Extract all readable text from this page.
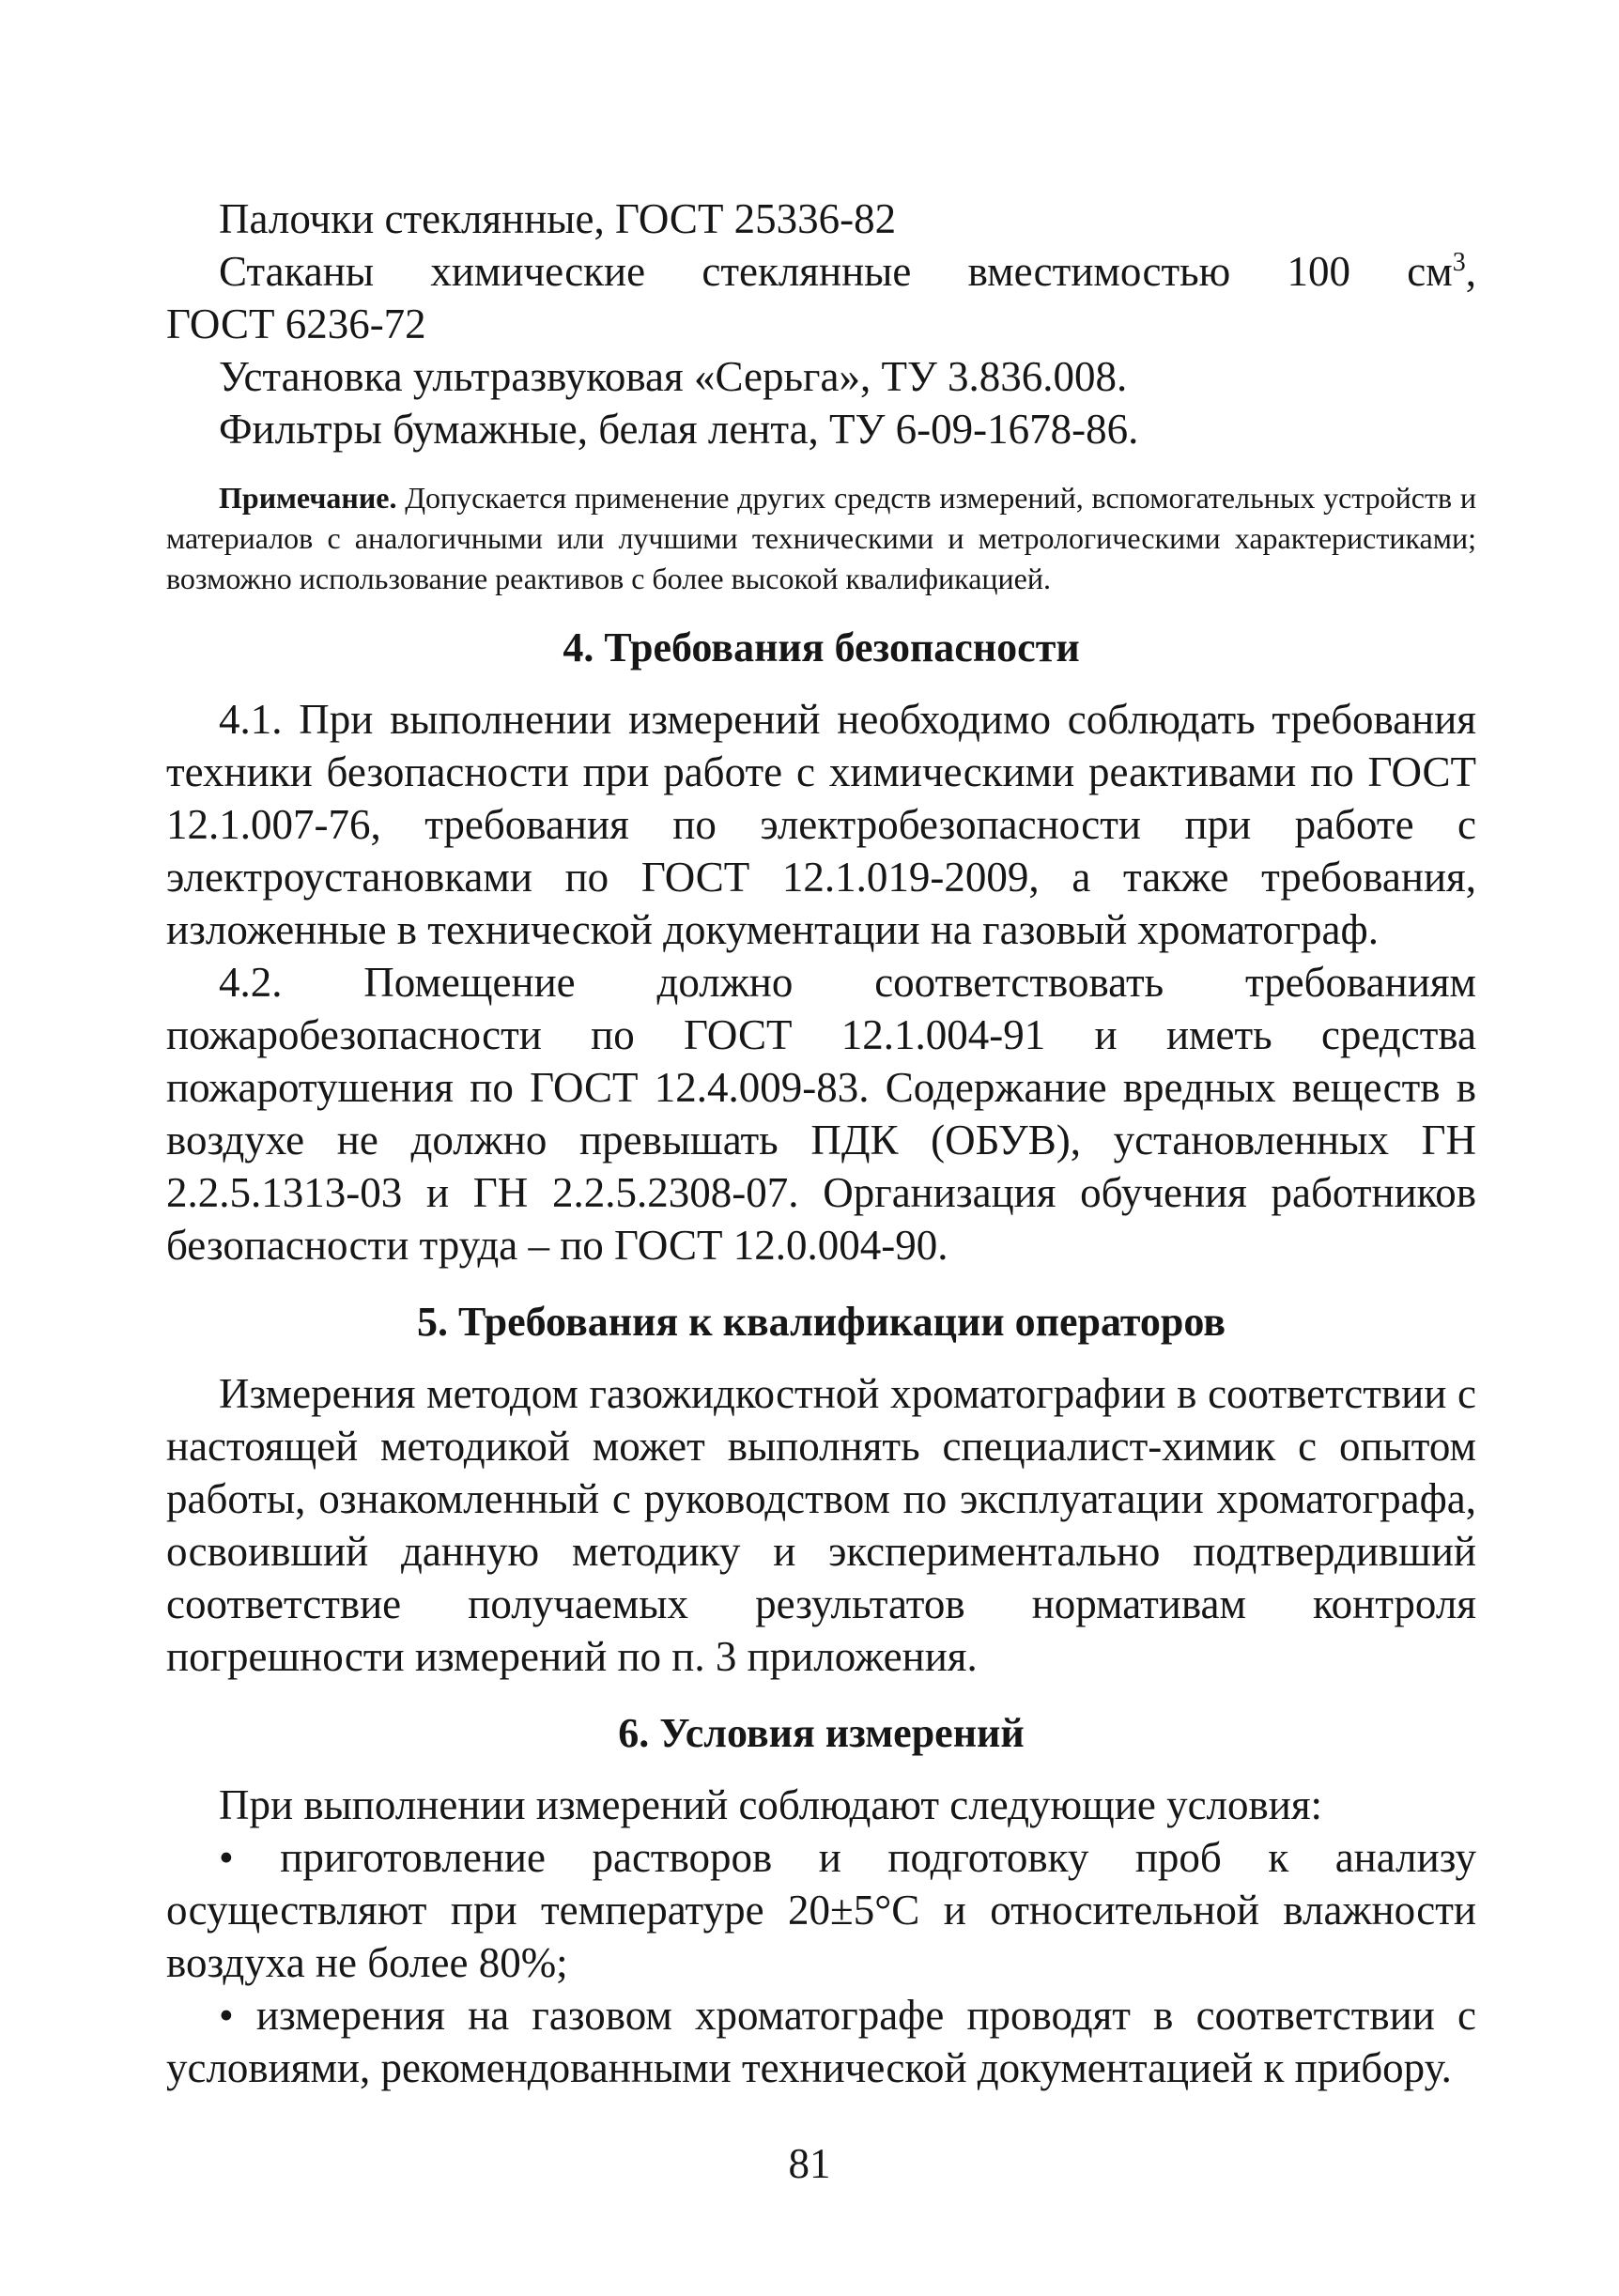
Палочки стеклянные, ГОСТ 25336-82

Стаканы химические стеклянные вместимостью 100 $см^3$,

ГОСТ 6236-72

Установка ультразвуковая «Серьга», ТУ 3.836.008.

Фильтры бумажные, белая лента, ТУ 6-09-1678-86.

Примечание. Допускается применение других средств измерений, вспомогательных устройств и материалов с аналогичными или лучшими техническими и метрологическими характеристиками; возможно использование реактивов с более высокой квалификацией.

4. Требования безопасности

4.1. При выполнении измерений необходимо соблюдать требования техники безопасности при работе с химическими реактивами по ГОСТ 12.1.007-76, требования по электробезопасности при работе с электроустановками по ГОСТ 12.1.019-2009, а также требования, изложенные в технической документации на газовый хроматограф.

4.2. Помещение должно соответствовать требованиям пожаробезопасности по ГОСТ 12.1.004-91 и иметь средства пожаротушения по ГОСТ 12.4.009-83. Содержание вредных веществ в воздухе не должно превышать ПДК (ОБУВ), установленных ГН 2.2.5.1313-03 и ГН 2.2.5.2308-07. Организация обучения работников безопасности труда – по ГОСТ 12.0.004-90.

5. Требования к квалификации операторов

Измерения методом газожидкостной хроматографии в соответствии с настоящей методикой может выполнять специалист-химик с опытом работы, ознакомленный с руководством по эксплуатации хроматографа, освоивший данную методику и экспериментально подтвердивший соответствие получаемых результатов нормативам контроля погрешности измерений по п. 3 приложения.

6. Условия измерений

При выполнении измерений соблюдают следующие условия:

• приготовление растворов и подготовку проб к анализу осуществляют при температуре 20±5°С и относительной влажности воздуха не более 80%;

• измерения на газовом хроматографе проводят в соответствии с условиями, рекомендованными технической документацией к прибору.

81
